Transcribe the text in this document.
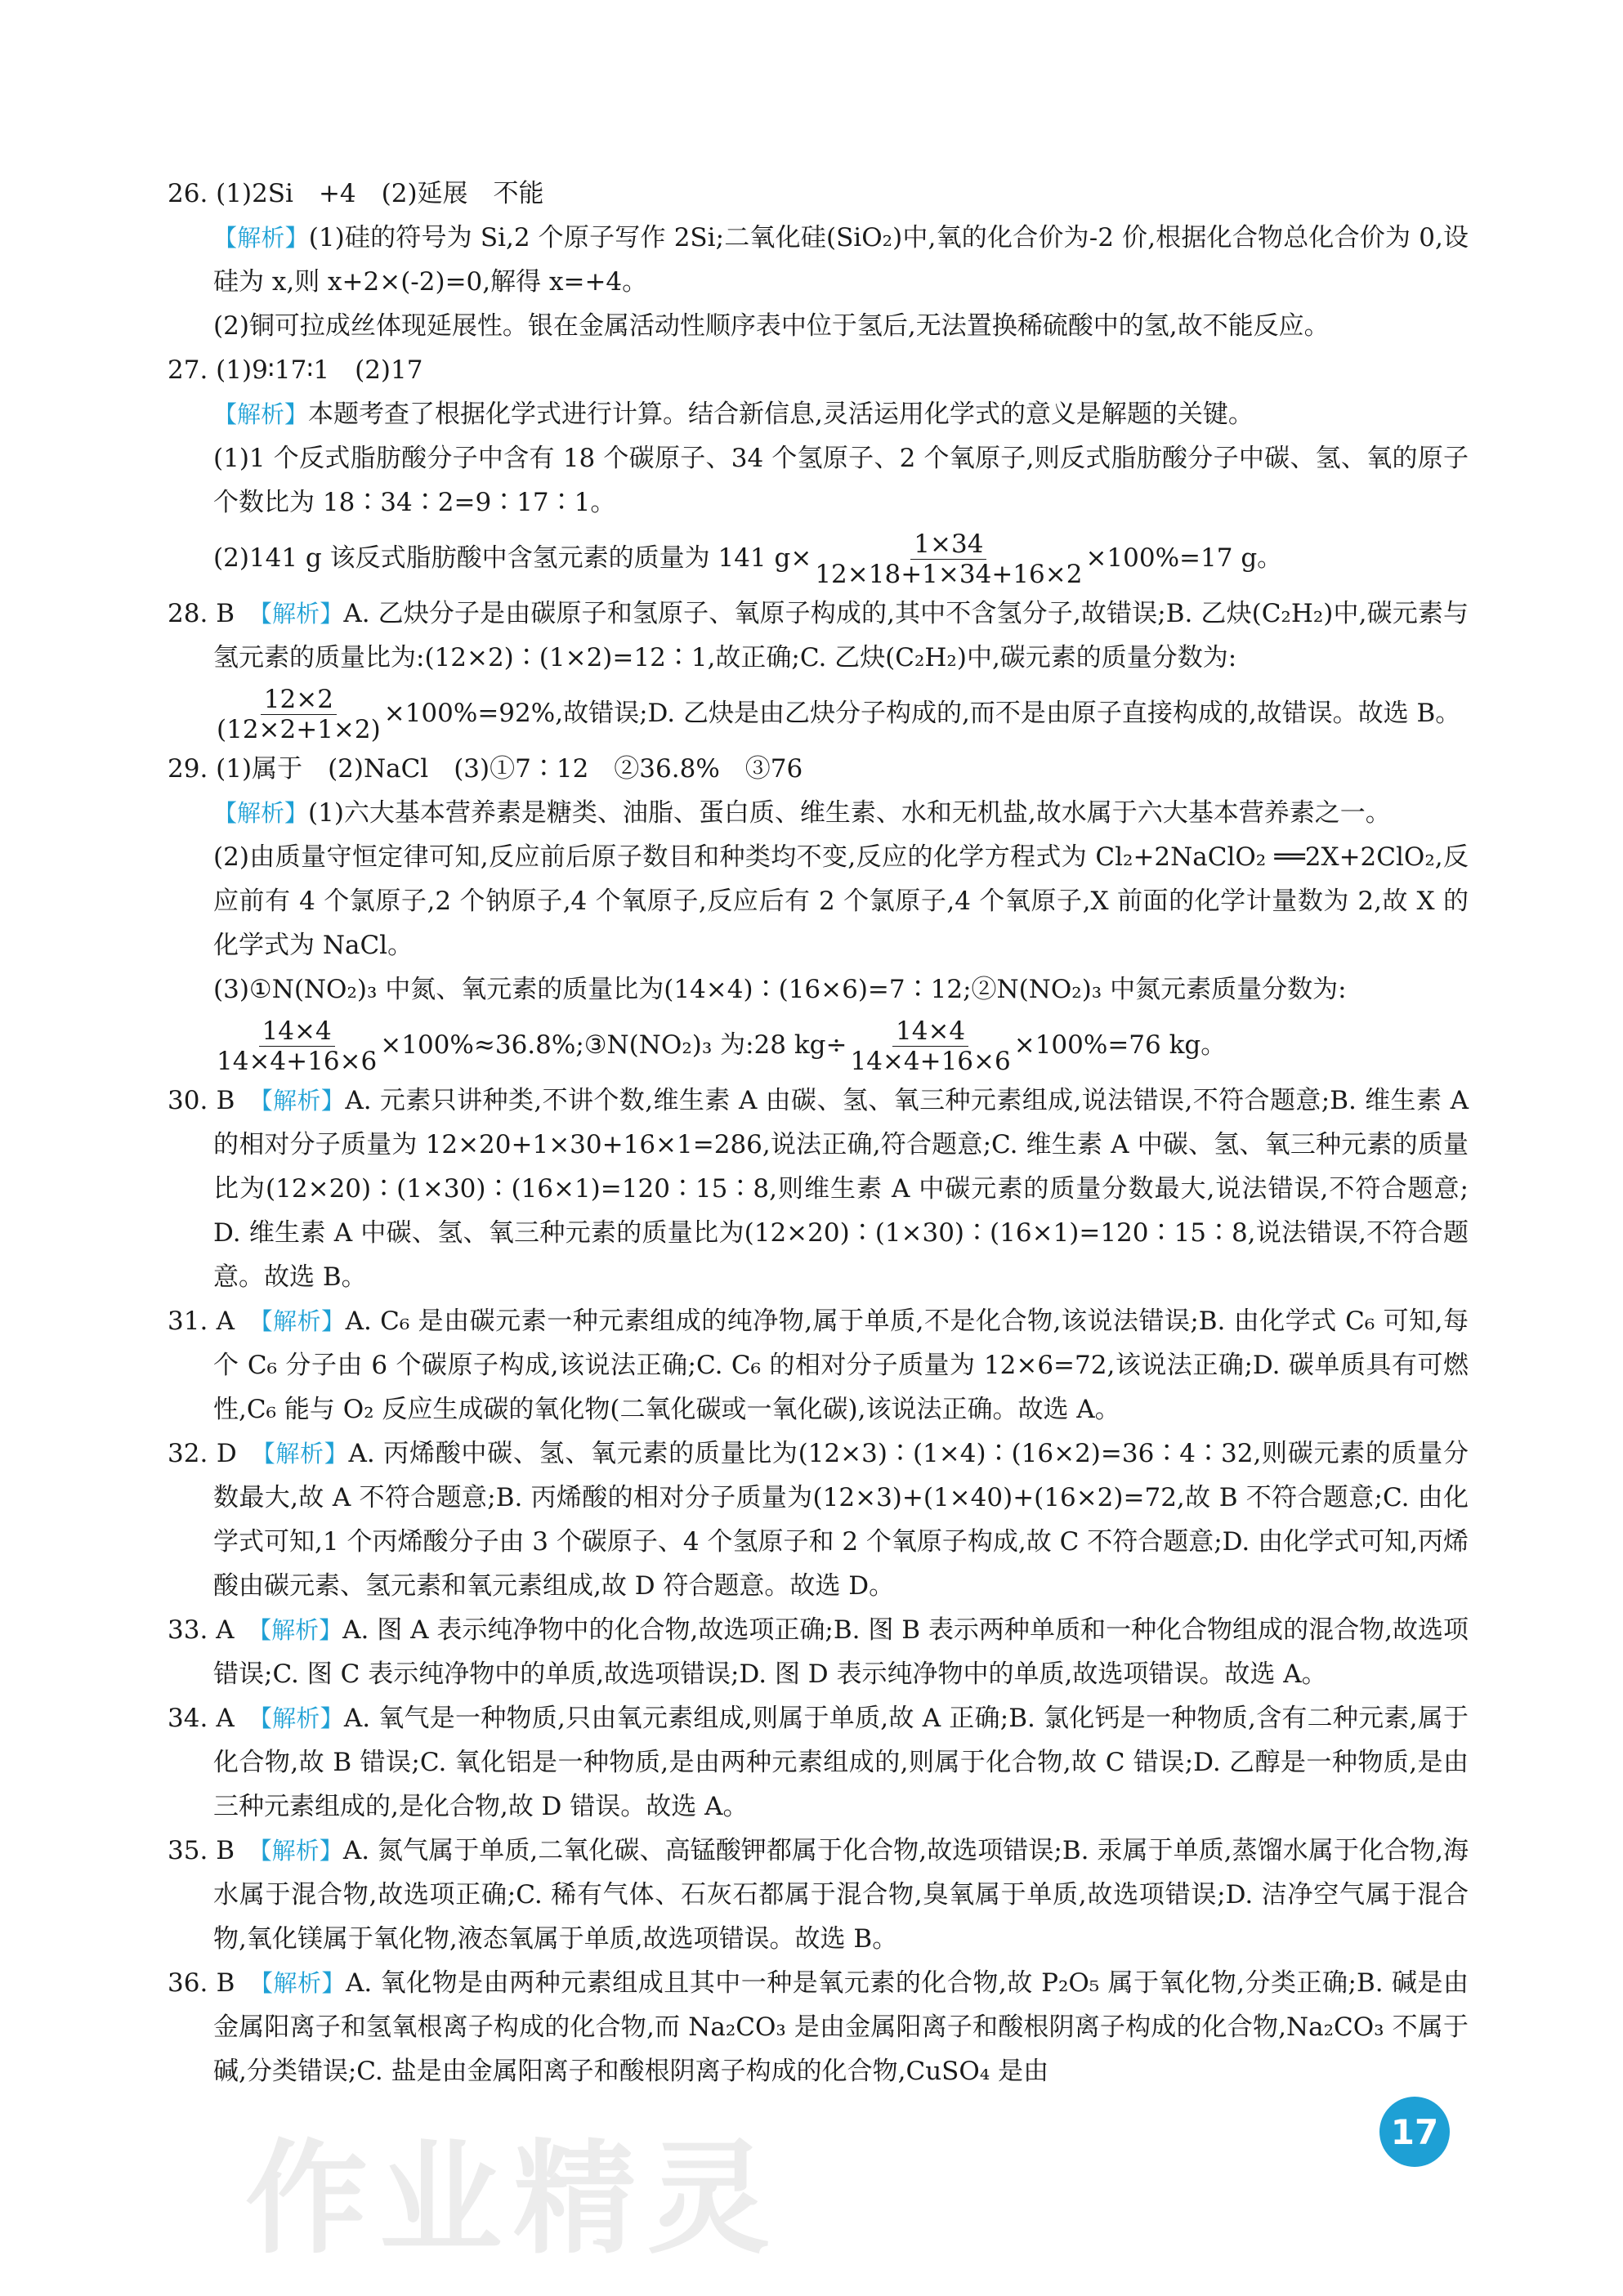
26. (1)2Si　+4　(2)延展　不能

【解析】(1)硅的符号为 Si,2 个原子写作 2Si;二氧化硅(SiO₂)中,氧的化合价为-2 价,根据化合物总化合价为 0,设硅为 x,则 x+2×(-2)=0,解得 x=+4。

(2)铜可拉成丝体现延展性。银在金属活动性顺序表中位于氢后,无法置换稀硫酸中的氢,故不能反应。

27. (1)9∶17∶1　(2)17

【解析】本题考查了根据化学式进行计算。结合新信息,灵活运用化学式的意义是解题的关键。

(1)1 个反式脂肪酸分子中含有 18 个碳原子、34 个氢原子、2 个氧原子,则反式脂肪酸分子中碳、氢、氧的原子个数比为 18∶34∶2=9∶17∶1。

(2)141 g 该反式脂肪酸中含氢元素的质量为 141 $g\times \frac{1\times 34}{12\times 18+1\times 34+16\times 2} \times 100\%=17$ g。

28. B　 【解析】A. 乙炔分子是由碳原子和氢原子、氧原子构成的,其中不含氢分子,故错误;B. 乙炔(C₂H₂)中,碳元素与氢元素的质量比为:(12×2)∶(1×2)=12∶1,故正确;C. 乙炔(C₂H₂)中,碳元素的质量分数为:

$\frac{12\times 2}{(12\times 2+1\times 2)} \times 100\%=92\%$,故错误;D. 乙炔是由乙炔分子构成的,而不是由原子直接构成的,故错误。故选 B。

29. (1)属于　(2)NaCl　(3)①7∶12　②36.8%　③76

【解析】(1)六大基本营养素是糖类、油脂、蛋白质、维生素、水和无机盐,故水属于六大基本营养素之一。

(2)由质量守恒定律可知,反应前后原子数目和种类均不变,反应的化学方程式为 Cl₂+2NaClO₂ ══2X+2ClO₂,反应前有 4 个氯原子,2 个钠原子,4 个氧原子,反应后有 2 个氯原子,4 个氧原子,X 前面的化学计量数为 2,故 X 的化学式为 NaCl。

(3)①N(NO₂)₃ 中氮、氧元素的质量比为(14×4)∶(16×6)=7∶12;②N(NO₂)₃ 中氮元素质量分数为:

$\frac{14\times 4}{14\times 4+16\times 6}$ ×100%≈36.8%;③N(NO₂)₃ 为:28 $kg\div \frac{14\times 4}{14\times 4+16\times 6} \times 100\%=76$ kg。

30. B　 【解析】A. 元素只讲种类,不讲个数,维生素 A 由碳、氢、氧三种元素组成,说法错误,不符合题意;B. 维生素 A 的相对分子质量为 12×20+1×30+16×1=286,说法正确,符合题意;C. 维生素 A 中碳、氢、氧三种元素的质量比为(12×20)∶(1×30)∶(16×1)=120∶15∶8,则维生素 A 中碳元素的质量分数最大,说法错误,不符合题意;D. 维生素 A 中碳、氢、氧三种元素的质量比为(12×20)∶(1×30)∶(16×1)=120∶15∶8,说法错误,不符合题意。故选 B。

31. A　 【解析】A. C₆ 是由碳元素一种元素组成的纯净物,属于单质,不是化合物,该说法错误;B. 由化学式 C₆ 可知,每个 C₆ 分子由 6 个碳原子构成,该说法正确;C. C₆ 的相对分子质量为 12×6=72,该说法正确;D. 碳单质具有可燃性,C₆ 能与 O₂ 反应生成碳的氧化物(二氧化碳或一氧化碳),该说法正确。故选 A。

32. D　 【解析】A. 丙烯酸中碳、氢、氧元素的质量比为(12×3)∶(1×4)∶(16×2)=36∶4∶32,则碳元素的质量分数最大,故 A 不符合题意;B. 丙烯酸的相对分子质量为(12×3)+(1×40)+(16×2)=72,故 B 不符合题意;C. 由化学式可知,1 个丙烯酸分子由 3 个碳原子、4 个氢原子和 2 个氧原子构成,故 C 不符合题意;D. 由化学式可知,丙烯酸由碳元素、氢元素和氧元素组成,故 D 符合题意。故选 D。

33. A　 【解析】A. 图 A 表示纯净物中的化合物,故选项正确;B. 图 B 表示两种单质和一种化合物组成的混合物,故选项错误;C. 图 C 表示纯净物中的单质,故选项错误;D. 图 D 表示纯净物中的单质,故选项错误。故选 A。

34. A　 【解析】A. 氧气是一种物质,只由氧元素组成,则属于单质,故 A 正确;B. 氯化钙是一种物质,含有二种元素,属于化合物,故 B 错误;C. 氧化铝是一种物质,是由两种元素组成的,则属于化合物,故 C 错误;D. 乙醇是一种物质,是由三种元素组成的,是化合物,故 D 错误。故选 A。

35. B　 【解析】A. 氮气属于单质,二氧化碳、高锰酸钾都属于化合物,故选项错误;B. 汞属于单质,蒸馏水属于化合物,海水属于混合物,故选项正确;C. 稀有气体、石灰石都属于混合物,臭氧属于单质,故选项错误;D. 洁净空气属于混合物,氧化镁属于氧化物,液态氧属于单质,故选项错误。故选 B。

36. B　 【解析】A. 氧化物是由两种元素组成且其中一种是氧元素的化合物,故 P₂O₅ 属于氧化物,分类正确;B. 碱是由金属阳离子和氢氧根离子构成的化合物,而 Na₂CO₃ 是由金属阳离子和酸根阴离子构成的化合物,Na₂CO₃ 不属于碱,分类错误;C. 盐是由金属阳离子和酸根阴离子构成的化合物,CuSO₄ 是由

作业精灵	17
